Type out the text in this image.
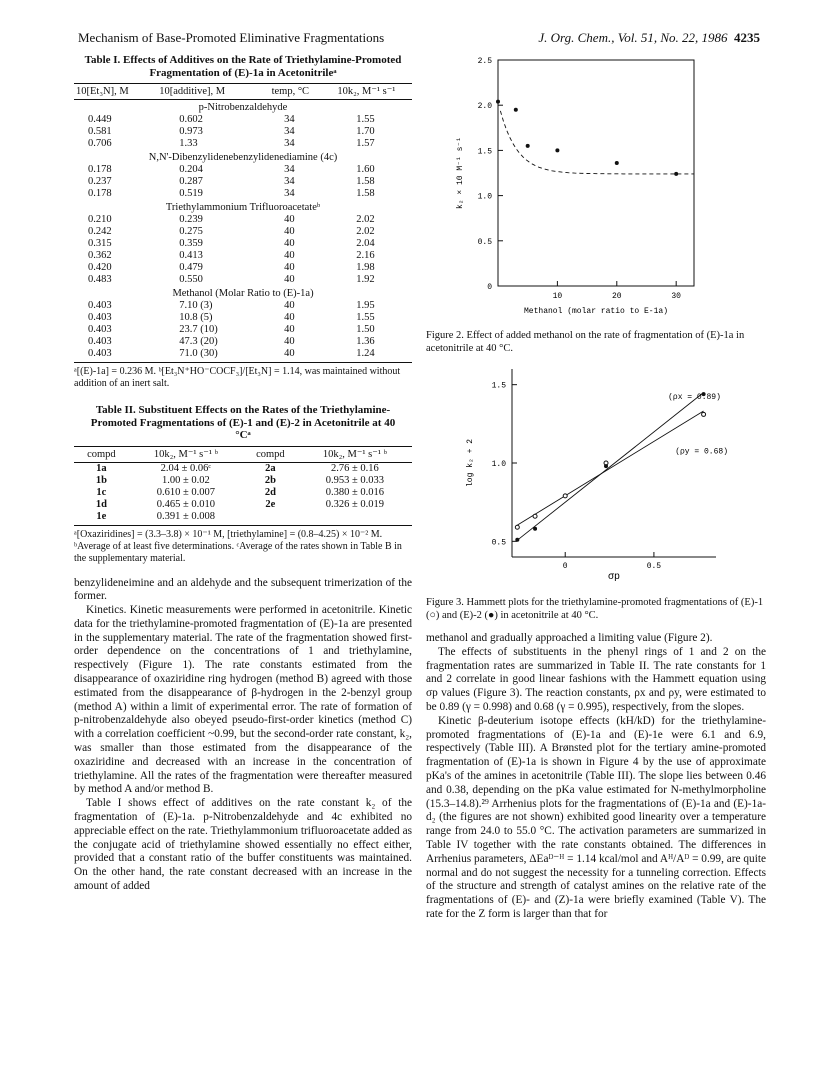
Mechanism of Base-Promoted Eliminative Fragmentations	J. Org. Chem., Vol. 51, No. 22, 1986 4235
Table I. Effects of Additives on the Rate of Triethylamine-Promoted Fragmentation of (E)-1a in Acetonitrileᵃ
10[Et₃N], M	10[additive], M	temp, °C	10k₂, M⁻¹ s⁻¹
p-Nitrobenzaldehyde			
0.449	0.602	34	1.55
0.581	0.973	34	1.70
0.706	1.33	34	1.57
N,N'-Dibenzylidenebenzylidenediamine (4c)			
0.178	0.204	34	1.60
0.237	0.287	34	1.58
0.178	0.519	34	1.58
Triethylammonium Trifluoroacetateᵇ			
0.210	0.239	40	2.02
0.242	0.275	40	2.02
0.315	0.359	40	2.04
0.362	0.413	40	2.16
0.420	0.479	40	1.98
0.483	0.550	40	1.92
Methanol (Molar Ratio to (E)-1a)			
0.403	7.10 (3)	40	1.95
0.403	10.8 (5)	40	1.55
0.403	23.7 (10)	40	1.50
0.403	47.3 (20)	40	1.36
0.403	71.0 (30)	40	1.24

ᵃ[(E)-1a] = 0.236 M. ᵇ[Et₃N⁺HO⁻COCF₃]/[Et₃N] = 1.14, was maintained without addition of an inert salt.
Table II. Substituent Effects on the Rates of the Triethylamine-Promoted Fragmentations of (E)-1 and (E)-2 in Acetonitrile at 40 °Cᵃ
compd	10k₂, M⁻¹ s⁻¹ ᵇ	compd	10k₂, M⁻¹ s⁻¹ ᵇ
1a	2.04 ± 0.06ᶜ	2a	2.76 ± 0.16
1b	1.00 ± 0.02	2b	0.953 ± 0.033
1c	0.610 ± 0.007	2d	0.380 ± 0.016
1d	0.465 ± 0.010	2e	0.326 ± 0.019
1e	0.391 ± 0.008		

ᵃ[Oxaziridines] = (3.3–3.8) × 10⁻¹ M, [triethylamine] = (0.8–4.25) × 10⁻² M. ᵇAverage of at least five determinations. ᶜAverage of the rates shown in Table B in the supplementary material.

benzylideneimine and an aldehyde and the subsequent trimerization of the former.

Kinetics. Kinetic measurements were performed in acetonitrile. Kinetic data for the triethylamine-promoted fragmentation of (E)-1a are presented in the supplementary material. The rate of the fragmentation showed first-order dependence on the concentrations of 1 and triethylamine, respectively (Figure 1). The rate constants estimated from the disappearance of oxaziridine ring hydrogen (method B) agreed with those estimated from the disappearance of β-hydrogen in the 2-benzyl group (method A) within a limit of experimental error. The rate of formation of p-nitrobenzaldehyde also obeyed pseudo-first-order kinetics (method C) with a correlation coefficient ~0.99, but the second-order rate constant, k₂, was smaller than those estimated from the disappearance of the oxaziridine and decreased with an increase in the concentration of triethylamine. All the rates of the fragmentation were thereafter measured by method A and/or method B.

Table I shows effect of additives on the rate constant k₂ of the fragmentation of (E)-1a. p-Nitrobenzaldehyde and 4c exhibited no appreciable effect on the rate. Triethylammonium trifluoroacetate added as the conjugate acid of triethylamine showed essentially no effect either, provided that a constant ratio of the buffer constituents was maintained. On the other hand, the rate constant decreased with an increase in the amount of added

0
0.5
1.0
1.5
2.0
2.5
10	20	30
Methanol (molar ratio to E-1a)
k₂ × 10 M⁻¹ s⁻¹
Figure 2. Effect of added methanol on the rate of fragmentation of (E)-1a in acetonitrile at 40 °C.
0.5
1.0
1.5
0	0.5
σp
log k₂ + 2
(ρx = 0.89)
(ρy = 0.68)
Figure 3. Hammett plots for the triethylamine-promoted fragmentations of (E)-1 (○) and (E)-2 (●) in acetonitrile at 40 °C.

methanol and gradually approached a limiting value (Figure 2).

The effects of substituents in the phenyl rings of 1 and 2 on the fragmentation rates are summarized in Table II. The rate constants for 1 and 2 correlate in good linear fashions with the Hammett equation using σp values (Figure 3). The reaction constants, ρx and ρy, were estimated to be 0.89 (γ = 0.998) and 0.68 (γ = 0.995), respectively, from the slopes.

Kinetic β-deuterium isotope effects (kH/kD) for the triethylamine-promoted fragmentations of (E)-1a and (E)-1e were 6.1 and 6.9, respectively (Table III). A Brønsted plot for the tertiary amine-promoted fragmentation of (E)-1a is shown in Figure 4 by the use of approximate pKa's of the amines in acetonitrile (Table III). The slope lies between 0.46 and 0.38, depending on the pKa value estimated for N-methylmorpholine (15.3–14.8).²⁹ Arrhenius plots for the fragmentations of (E)-1a and (E)-1a-d₂ (the figures are not shown) exhibited good linearity over a temperature range from 24.0 to 55.0 °C. The activation parameters are summarized in Table IV together with the rate constants obtained. The differences in Arrhenius parameters, ΔEaᴰ⁻ᴴ = 1.14 kcal/mol and Aᴴ/Aᴰ = 0.99, are quite normal and do not suggest the necessity for a tunneling correction. Effects of the structure and strength of catalyst amines on the relative rate of the fragmentations of (E)- and (Z)-1a were briefly examined (Table V). The rate for the Z form is larger than that for
